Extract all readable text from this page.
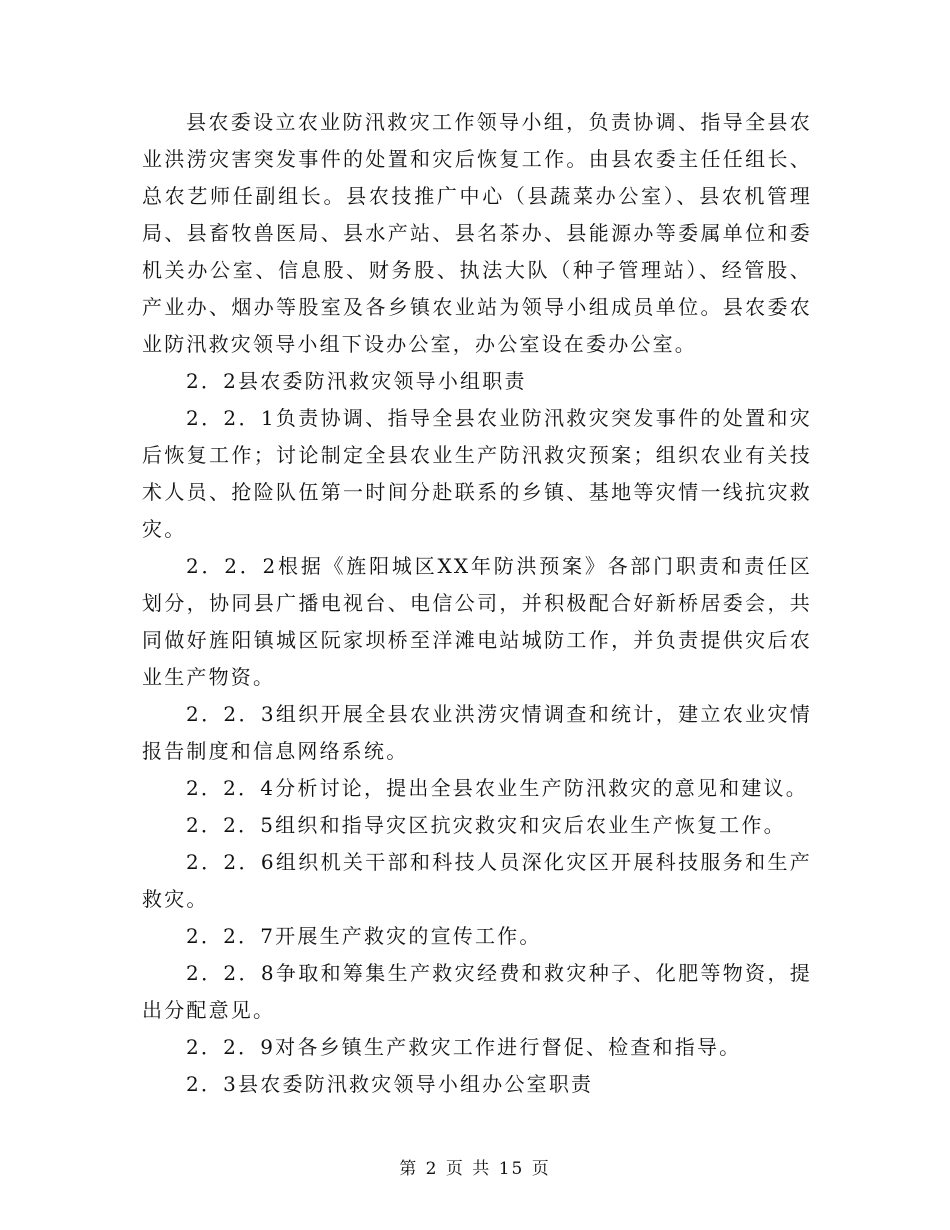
县农委设立农业防汛救灾工作领导小组，负责协调、指导全县农业洪涝灾害突发事件的处置和灾后恢复工作。由县农委主任任组长、总农艺师任副组长。县农技推广中心（县蔬菜办公室）、县农机管理局、县畜牧兽医局、县水产站、县名茶办、县能源办等委属单位和委机关办公室、信息股、财务股、执法大队（种子管理站）、经管股、产业办、烟办等股室及各乡镇农业站为领导小组成员单位。县农委农业防汛救灾领导小组下设办公室，办公室设在委办公室。

2．2县农委防汛救灾领导小组职责

2．2．1负责协调、指导全县农业防汛救灾突发事件的处置和灾后恢复工作；讨论制定全县农业生产防汛救灾预案；组织农业有关技术人员、抢险队伍第一时间分赴联系的乡镇、基地等灾情一线抗灾救灾。

2．2．2根据《旌阳城区XX年防洪预案》各部门职责和责任区划分，协同县广播电视台、电信公司，并积极配合好新桥居委会，共同做好旌阳镇城区阮家坝桥至洋滩电站城防工作，并负责提供灾后农业生产物资。

2．2．3组织开展全县农业洪涝灾情调查和统计，建立农业灾情报告制度和信息网络系统。

2．2．4分析讨论，提出全县农业生产防汛救灾的意见和建议。

2．2．5组织和指导灾区抗灾救灾和灾后农业生产恢复工作。

2．2．6组织机关干部和科技人员深化灾区开展科技服务和生产救灾。

2．2．7开展生产救灾的宣传工作。

2．2．8争取和筹集生产救灾经费和救灾种子、化肥等物资，提出分配意见。

2．2．9对各乡镇生产救灾工作进行督促、检查和指导。

2．3县农委防汛救灾领导小组办公室职责

第 2 页 共 15 页
